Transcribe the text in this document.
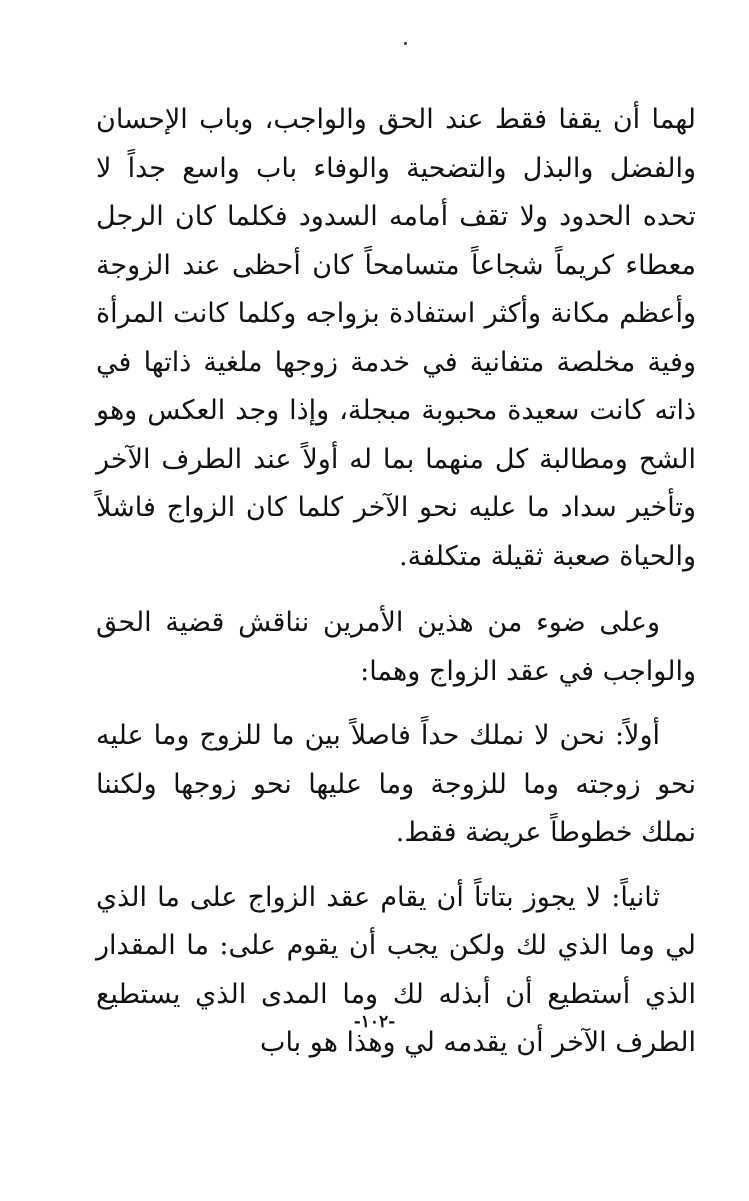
لهما أن يقفا فقط عند الحق والواجب، وباب الإحسان والفضل والبذل والتضحية والوفاء باب واسع جداً لا تحده الحدود ولا تقف أمامه السدود فكلما كان الرجل معطاء كريماً شجاعاً متسامحاً كان أحظى عند الزوجة وأعظم مكانة وأكثر استفادة بزواجه وكلما كانت المرأة وفية مخلصة متفانية في خدمة زوجها ملغية ذاتها في ذاته كانت سعيدة محبوبة مبجلة، وإذا وجد العكس وهو الشح ومطالبة كل منهما بما له أولاً عند الطرف الآخر وتأخير سداد ما عليه نحو الآخر كلما كان الزواج فاشلاً والحياة صعبة ثقيلة متكلفة.

وعلى ضوء من هذين الأمرين نناقش قضية الحق والواجب في عقد الزواج وهما:

أولاً: نحن لا نملك حداً فاصلاً بين ما للزوج وما عليه نحو زوجته وما للزوجة وما عليها نحو زوجها ولكننا نملك خطوطاً عريضة فقط.

ثانياً: لا يجوز بتاتاً أن يقام عقد الزواج على ما الذي لي وما الذي لك ولكن يجب أن يقوم على: ما المقدار الذي أستطيع أن أبذله لك وما المدى الذي يستطيع الطرف الآخر أن يقدمه لي وهذا هو باب

-١٠٢-
